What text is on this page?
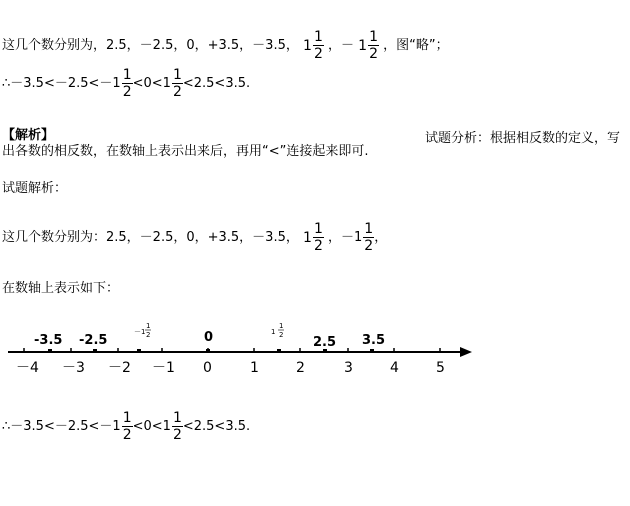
这几个数分别为，2.5，－2.5，0，+3.5，－3.5， $1 \frac{1}{2}$ ，－ $1 \frac{1}{2}$ ，图“略”；
∴－3.5<－2.5<－1 $\frac{1}{2} <0<1 \frac{1}{2} <2.5<3.5$.
【解析】	试题分析：根据相反数的定义，写
出各数的相反数，在数轴上表示出来后，再用“<”连接起来即可.
试题解析：
这几个数分别为：2.5，－2.5，0，+3.5，－3.5， $1 \frac{1}{2}$ ，$-1 \frac{1}{2}$ ，
在数轴上表示如下：
-3.5 -2.5	0	2.5 3.5
－1
1
2	1
1
2
－4 －3 －2 －1 0	1	2	3	4	5
∴－3.5<－2.5<－1 $\frac{1}{2} <0<1 \frac{1}{2} <2.5<3.5$.
